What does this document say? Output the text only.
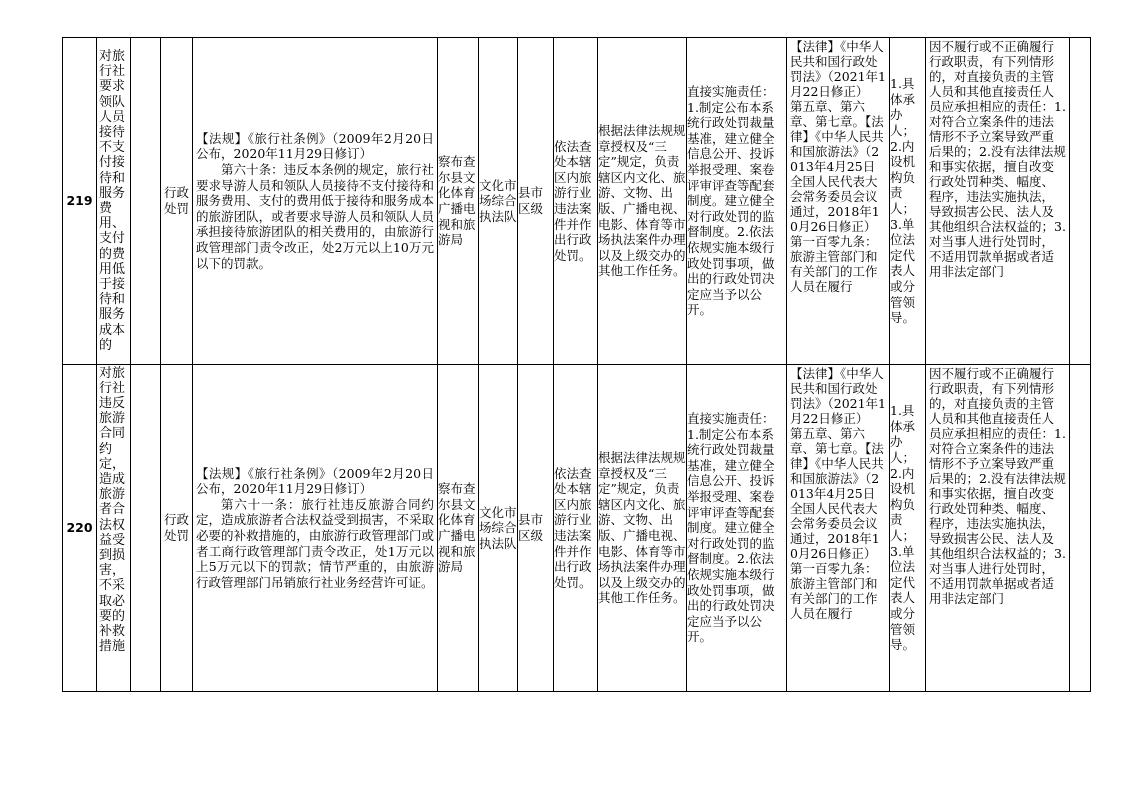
219	对旅行社要求领队人员接待不支付接待和服务费用、支付的费用低于接待和服务成本的		行政处罚	【法规】《旅行社条例》（2009年2月20日公布，2020年11月29日修订）
第六十条：违反本条例的规定，旅行社要求导游人员和领队人员接待不支付接待和服务费用、支付的费用低于接待和服务成本的旅游团队，或者要求导游人员和领队人员承担接待旅游团队的相关费用的，由旅游行政管理部门责令改正，处2万元以上10万元以下的罚款。	察布查尔县文化体育广播电视和旅游局	文化市场综合执法队	县市区级	依法查处本辖区内旅游行业违法案件并作出行政处罚。	根据法律法规规章授权及“三定”规定，负责辖区内文化、旅游、文物、出版、广播电视、电影、体育等市场执法案件办理以及上级交办的其他工作任务。	直接实施责任：1.制定公布本系统行政处罚裁量基准，建立健全信息公开、投诉举报受理、案卷评审评查等配套制度。建立健全对行政处罚的监督制度。2.依法依规实施本级行政处罚事项，做出的行政处罚决定应当予以公开。	【法律】《中华人民共和国行政处罚法》（2021年1月22日修正）　　第五章、第六章、第七章。【法律】《中华人民共和国旅游法》（2013年4月25日全国人民代表大会常务委员会议通过，2018年10月26日修正）　　第一百零九条：旅游主管部门和有关部门的工作人员在履行	1.具体承办人；2.内设机构负责人；3.单位法定代表人或分管领导。	因不履行或不正确履行行政职责，有下列情形的，对直接负责的主管人员和其他直接责任人员应承担相应的责任：1.对符合立案条件的违法情形不予立案导致严重后果的；2.没有法律法规和事实依据，擅自改变行政处罚种类、幅度、程序，违法实施执法，导致损害公民、法人及其他组织合法权益的；3.对当事人进行处罚时，不适用罚款单据或者适用非法定部门	

220	对旅行社违反旅游合同约定，造成旅游者合法权益受到损害，不采取必要的补救措施		行政处罚	【法规】《旅行社条例》（2009年2月20日公布，2020年11月29日修订）
第六十一条：旅行社违反旅游合同约定，造成旅游者合法权益受到损害，不采取必要的补救措施的，由旅游行政管理部门或者工商行政管理部门责令改正，处1万元以上5万元以下的罚款；情节严重的，由旅游行政管理部门吊销旅行社业务经营许可证。	察布查尔县文化体育广播电视和旅游局	文化市场综合执法队	县市区级	依法查处本辖区内旅游行业违法案件并作出行政处罚。	根据法律法规规章授权及“三定”规定，负责辖区内文化、旅游、文物、出版、广播电视、电影、体育等市场执法案件办理以及上级交办的其他工作任务。	直接实施责任：1.制定公布本系统行政处罚裁量基准，建立健全信息公开、投诉举报受理、案卷评审评查等配套制度。建立健全对行政处罚的监督制度。2.依法依规实施本级行政处罚事项，做出的行政处罚决定应当予以公开。	【法律】《中华人民共和国行政处罚法》（2021年1月22日修正）　　第五章、第六章、第七章。【法律】《中华人民共和国旅游法》（2013年4月25日全国人民代表大会常务委员会议通过，2018年10月26日修正）　　第一百零九条：旅游主管部门和有关部门的工作人员在履行	1.具体承办人；2.内设机构负责人；3.单位法定代表人或分管领导。	因不履行或不正确履行行政职责，有下列情形的，对直接负责的主管人员和其他直接责任人员应承担相应的责任：1.对符合立案条件的违法情形不予立案导致严重后果的；2.没有法律法规和事实依据，擅自改变行政处罚种类、幅度、程序，违法实施执法，导致损害公民、法人及其他组织合法权益的；3.对当事人进行处罚时，不适用罚款单据或者适用非法定部门	
